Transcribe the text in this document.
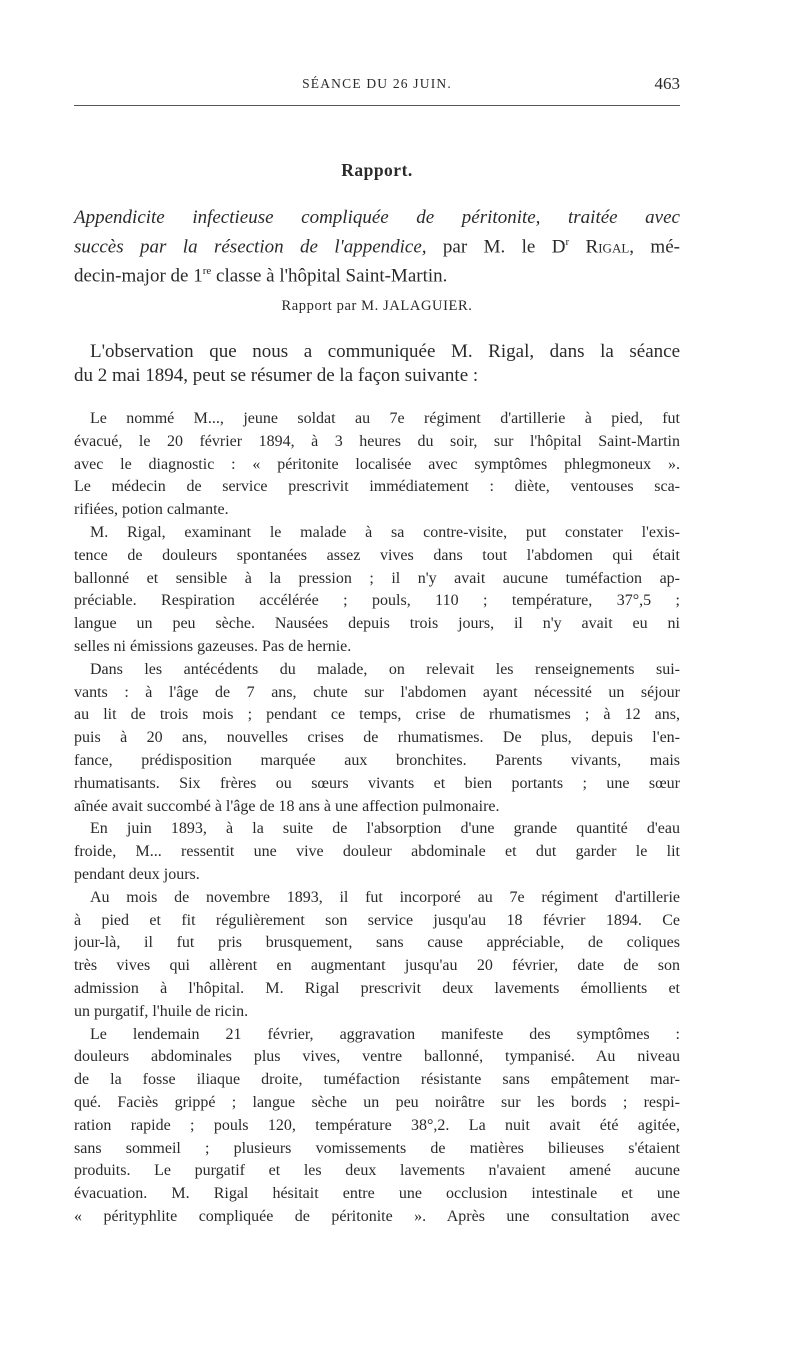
SÉANCE DU 26 JUIN.	463
Rapport.
Appendicite infectieuse compliquée de péritonite, traitée avec
succès par la résection de l'appendice, par M. le $D^r$ Rigal, mé-
decin-major de 1re classe à l'hôpital Saint-Martin.
Rapport par M. JALAGUIER.
L'observation que nous a communiquée M. Rigal, dans la séance
du 2 mai 1894, peut se résumer de la façon suivante :
Le nommé M..., jeune soldat au 7e régiment d'artillerie à pied, fut
évacué, le 20 février 1894, à 3 heures du soir, sur l'hôpital Saint-Martin
avec le diagnostic : « péritonite localisée avec symptômes phlegmoneux ».
Le médecin de service prescrivit immédiatement : diète, ventouses sca-
rifiées, potion calmante.
M. Rigal, examinant le malade à sa contre-visite, put constater l'exis-
tence de douleurs spontanées assez vives dans tout l'abdomen qui était
ballonné et sensible à la pression ; il n'y avait aucune tuméfaction ap-
préciable. Respiration accélérée ; pouls, 110 ; température, 37°,5 ;
langue un peu sèche. Nausées depuis trois jours, il n'y avait eu ni
selles ni émissions gazeuses. Pas de hernie.
Dans les antécédents du malade, on relevait les renseignements sui-
vants : à l'âge de 7 ans, chute sur l'abdomen ayant nécessité un séjour
au lit de trois mois ; pendant ce temps, crise de rhumatismes ; à 12 ans,
puis à 20 ans, nouvelles crises de rhumatismes. De plus, depuis l'en-
fance, prédisposition marquée aux bronchites. Parents vivants, mais
rhumatisants. Six frères ou sœurs vivants et bien portants ; une sœur
aînée avait succombé à l'âge de 18 ans à une affection pulmonaire.
En juin 1893, à la suite de l'absorption d'une grande quantité d'eau
froide, M... ressentit une vive douleur abdominale et dut garder le lit
pendant deux jours.
Au mois de novembre 1893, il fut incorporé au 7e régiment d'artillerie
à pied et fit régulièrement son service jusqu'au 18 février 1894. Ce
jour-là, il fut pris brusquement, sans cause appréciable, de coliques
très vives qui allèrent en augmentant jusqu'au 20 février, date de son
admission à l'hôpital. M. Rigal prescrivit deux lavements émollients et
un purgatif, l'huile de ricin.
Le lendemain 21 février, aggravation manifeste des symptômes :
douleurs abdominales plus vives, ventre ballonné, tympanisé. Au niveau
de la fosse iliaque droite, tuméfaction résistante sans empâtement mar-
qué. Faciès grippé ; langue sèche un peu noirâtre sur les bords ; respi-
ration rapide ; pouls 120, température 38°,2. La nuit avait été agitée,
sans sommeil ; plusieurs vomissements de matières bilieuses s'étaient
produits. Le purgatif et les deux lavements n'avaient amené aucune
évacuation. M. Rigal hésitait entre une occlusion intestinale et une
« pérityphlite compliquée de péritonite ». Après une consultation avec
